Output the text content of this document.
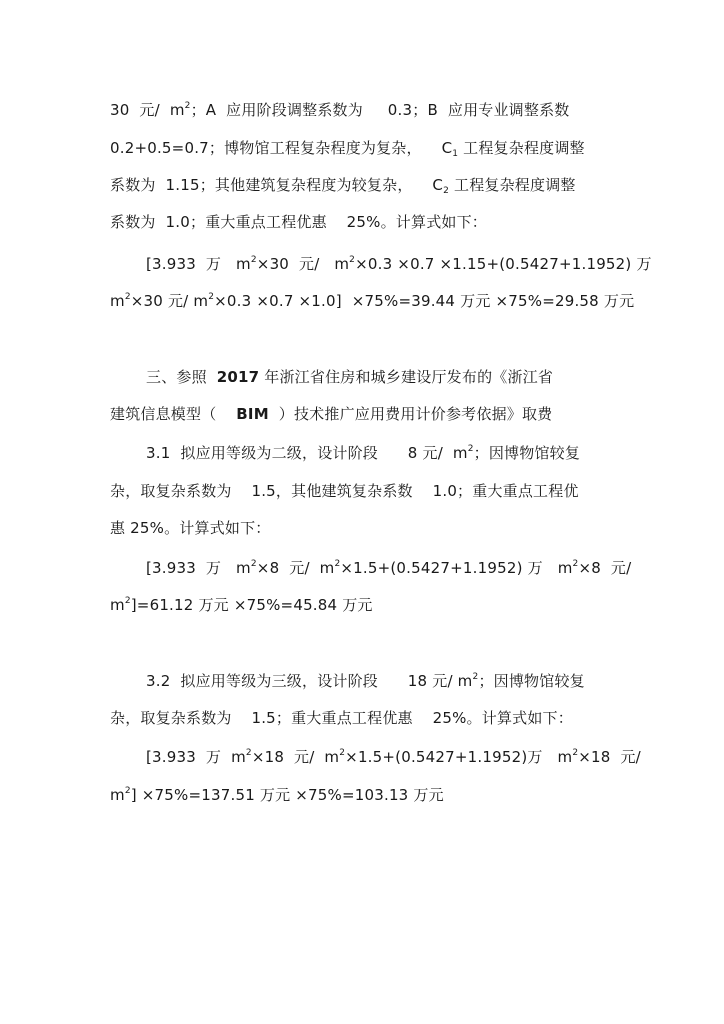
30  元/  $m^2$；A  应用阶段调整系数为     0.3；B  应用专业调整系数
0.2+0.5=0.7；博物馆工程复杂程度为复杂，    $C_1$ 工程复杂程度调整
系数为  1.15；其他建筑复杂程度为较复杂，    $C_2$ 工程复杂程度调整
系数为  1.0；重大重点工程优惠    25%。计算式如下：
[3.933  万   $m^2\times 30$  元/   $m^2\times 0.3 \times 0.7 \times 1.15+(0.5427+1.1952)$ 万
$m^2\times 30$ 元/ $m^2\times 0.3 \times 0.7 \times 1.0] \times 75\%=39.44$ 万元 ×75%=29.58 万元
三、参照  2017 年浙江省住房和城乡建设厅发布的《浙江省
建筑信息模型（    BIM  ）技术推广应用费用计价参考依据》取费
3.1  拟应用等级为二级，设计阶段      8 元/  $m^2$；因博物馆较复
杂，取复杂系数为    1.5，其他建筑复杂系数    1.0；重大重点工程优
惠 25%。计算式如下：
[3.933  万   $m^2\times 8$  元/  $m^2\times 1.5+(0.5427+1.1952)$ 万   $m^2\times 8$  元/
$m^2]=61.12$ 万元 ×75%=45.84 万元
3.2  拟应用等级为三级，设计阶段      18 元/ $m^2$；因博物馆较复
杂，取复杂系数为    1.5；重大重点工程优惠    25%。计算式如下：
[3.933  万  $m^2\times 18$  元/  $m^2\times 1.5+(0.5427+1.1952)$万   $m^2\times 18$  元/
$m^2] \times 75\%=137.51$ 万元 ×75%=103.13 万元
